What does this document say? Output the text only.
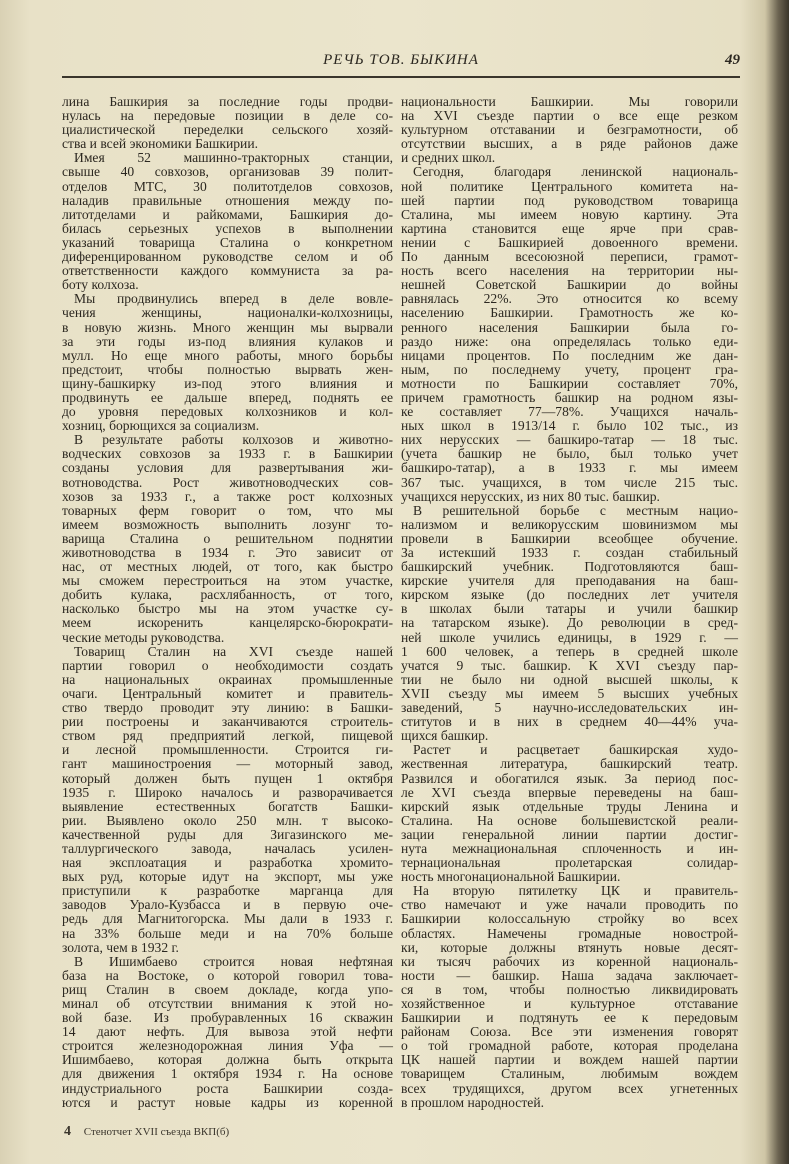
РЕЧЬ ТОВ. БЫКИНА	49
лина Башкирия за последние годы продви-
нулась на передовые позиции в деле со-
циалистической переделки сельского хозяй-
ства и всей экономики Башкирии.
Имея 52 машинно-тракторных станции,
свыше 40 совхозов, организовав 39 полит-
отделов МТС, 30 политотделов совхозов,
наладив правильные отношения между по-
литотделами и райкомами, Башкирия до-
билась серьезных успехов в выполнении
указаний товарища Сталина о конкретном
диференцированном руководстве селом и об
ответственности каждого коммуниста за ра-
боту колхоза.
Мы продвинулись вперед в деле вовле-
чения женщины, националки-колхозницы,
в новую жизнь. Много женщин мы вырвали
за эти годы из-под влияния кулаков и
мулл. Но еще много работы, много борьбы
предстоит, чтобы полностью вырвать жен-
щину-башкирку из-под этого влияния и
продвинуть ее дальше вперед, поднять ее
до уровня передовых колхозников и кол-
хозниц, борющихся за социализм.
В результате работы колхозов и животно-
водческих совхозов за 1933 г. в Башкирии
созданы условия для развертывания жи-
вотноводства. Рост животноводческих сов-
хозов за 1933 г., а также рост колхозных
товарных ферм говорит о том, что мы
имеем возможность выполнить лозунг то-
варища Сталина о решительном поднятии
животноводства в 1934 г. Это зависит от
нас, от местных людей, от того, как быстро
мы сможем перестроиться на этом участке,
добить кулака, расхлябанность, от того,
насколько быстро мы на этом участке су-
меем искоренить канцелярско-бюрократи-
ческие методы руководства.
Товарищ Сталин на XVI съезде нашей
партии говорил о необходимости создать
на национальных окраинах промышленные
очаги. Центральный комитет и правитель-
ство твердо проводит эту линию: в Башки-
рии построены и заканчиваются строитель-
ством ряд предприятий легкой, пищевой
и лесной промышленности. Строится ги-
гант машиностроения — моторный завод,
который должен быть пущен 1 октября
1935 г. Широко началось и разворачивается
выявление естественных богатств Башки-
рии. Выявлено около 250 млн. т высоко-
качественной руды для Зигазинского ме-
таллургического завода, началась усилен-
ная эксплоатация и разработка хромито-
вых руд, которые идут на экспорт, мы уже
приступили к разработке марганца для
заводов Урало-Кузбасса и в первую оче-
редь для Магнитогорска. Мы дали в 1933 г.
на 33% больше меди и на 70% больше
золота, чем в 1932 г.
В Ишимбаево строится новая нефтяная
база на Востоке, о которой говорил това-
рищ Сталин в своем докладе, когда упо-
минал об отсутствии внимания к этой но-
вой базе. Из пробуравленных 16 скважин
14 дают нефть. Для вывоза этой нефти
строится железнодорожная линия Уфа —
Ишимбаево, которая должна быть открыта
для движения 1 октября 1934 г. На основе
индустриального роста Башкирии созда-
ются и растут новые кадры из коренной
национальности Башкирии. Мы говорили
на XVI съезде партии о все еще резком
культурном отставании и безграмотности, об
отсутствии высших, а в ряде районов даже
и средних школ.
Сегодня, благодаря ленинской националь-
ной политике Центрального комитета на-
шей партии под руководством товарища
Сталина, мы имеем новую картину. Эта
картина становится еще ярче при срав-
нении с Башкирией довоенного времени.
По данным всесоюзной переписи, грамот-
ность всего населения на территории ны-
нешней Советской Башкирии до войны
равнялась 22%. Это относится ко всему
населению Башкирии. Грамотность же ко-
ренного населения Башкирии была го-
раздо ниже: она определялась только еди-
ницами процентов. По последним же дан-
ным, по последнему учету, процент гра-
мотности по Башкирии составляет 70%,
причем грамотность башкир на родном язы-
ке составляет 77—78%. Учащихся началь-
ных школ в 1913/14 г. было 102 тыс., из
них нерусских — башкиро-татар — 18 тыс.
(учета башкир не было, был только учет
башкиро-татар), а в 1933 г. мы имеем
367 тыс. учащихся, в том числе 215 тыс.
учащихся нерусских, из них 80 тыс. башкир.
В решительной борьбе с местным нацио-
нализмом и великорусским шовинизмом мы
провели в Башкирии всеобщее обучение.
За истекший 1933 г. создан стабильный
башкирский учебник. Подготовляются баш-
кирские учителя для преподавания на баш-
кирском языке (до последних лет учителя
в школах были татары и учили башкир
на татарском языке). До революции в сред-
ней школе учились единицы, в 1929 г. —
1 600 человек, а теперь в средней школе
учатся 9 тыс. башкир. К XVI съезду пар-
тии не было ни одной высшей школы, к
XVII съезду мы имеем 5 высших учебных
заведений, 5 научно-исследовательских ин-
ститутов и в них в среднем 40—44% уча-
щихся башкир.
Растет и расцветает башкирская худо-
жественная литература, башкирский театр.
Развился и обогатился язык. За период пос-
ле XVI съезда впервые переведены на баш-
кирский язык отдельные труды Ленина и
Сталина. На основе большевистской реали-
зации генеральной линии партии достиг-
нута межнациональная сплоченность и ин-
тернациональная пролетарская солидар-
ность многонациональной Башкирии.
На вторую пятилетку ЦК и правитель-
ство намечают и уже начали проводить по
Башкирии колоссальную стройку во всех
областях. Намечены громадные новострой-
ки, которые должны втянуть новые десят-
ки тысяч рабочих из коренной националь-
ности — башкир. Наша задача заключает-
ся в том, чтобы полностью ликвидировать
хозяйственное и культурное отставание
Башкирии и подтянуть ее к передовым
районам Союза. Все эти изменения говорят
о той громадной работе, которая проделана
ЦК нашей партии и вождем нашей партии
товарищем Сталиным, любимым вождем
всех трудящихся, другом всех угнетенных
в прошлом народностей.
4 Стенотчет XVII съезда ВКП(б)
